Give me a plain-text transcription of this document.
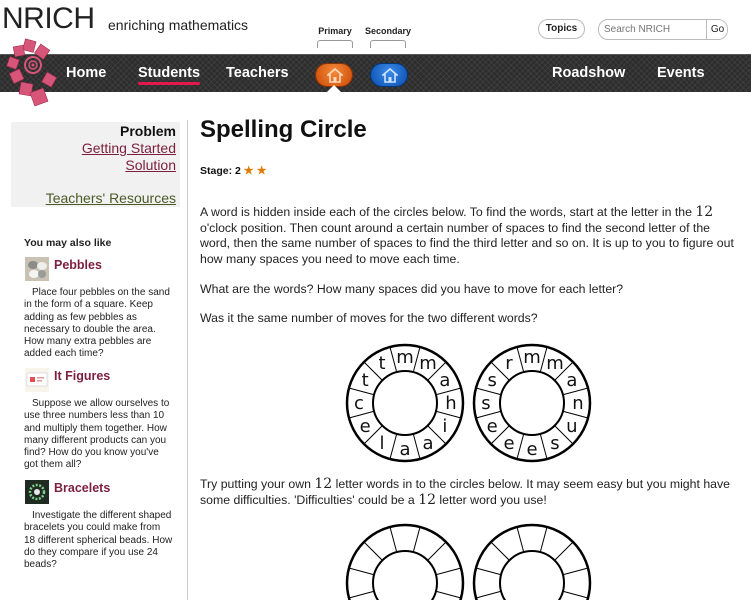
NRICH enriching mathematics	Primary	Secondary	Topics
Search NRICH	Go
Home Students Teachers	Roadshow Events
Problem
Getting Started
Solution
Teachers' Resources
You may also like
Pebbles
Place four pebbles on the sand in the form of a square. Keep adding as few pebbles as necessary to double the area. How many extra pebbles are added each time?
It Figures
Suppose we allow ourselves to use three numbers less than 10 and multiply them together. How many different products can you find? How do you know you've got them all?
Bracelets
Investigate the different shaped bracelets you could make from 18 different spherical beads. How do they compare if you use 24 beads?
Spelling Circle
Stage: 2 ★ ★
A word is hidden inside each of the circles below. To find the words, start at the letter in the 12 o'clock position. Then count around a certain number of spaces to find the second letter of the word, then the same number of spaces to find the third letter and so on. It is up to you to figure out how many spaces you need to move each time.
What are the words? How many spaces did you have to move for each letter?
Was it the same number of moves for the two different words?
m m
a
h
i
a
a
l
e
c
t
t	m m
a
n
u
s
e
e
e
s
s
r
Try putting your own 12 letter words in to the circles below. It may seem easy but you might have some difficulties. 'Difficulties' could be a 12 letter word you use!
